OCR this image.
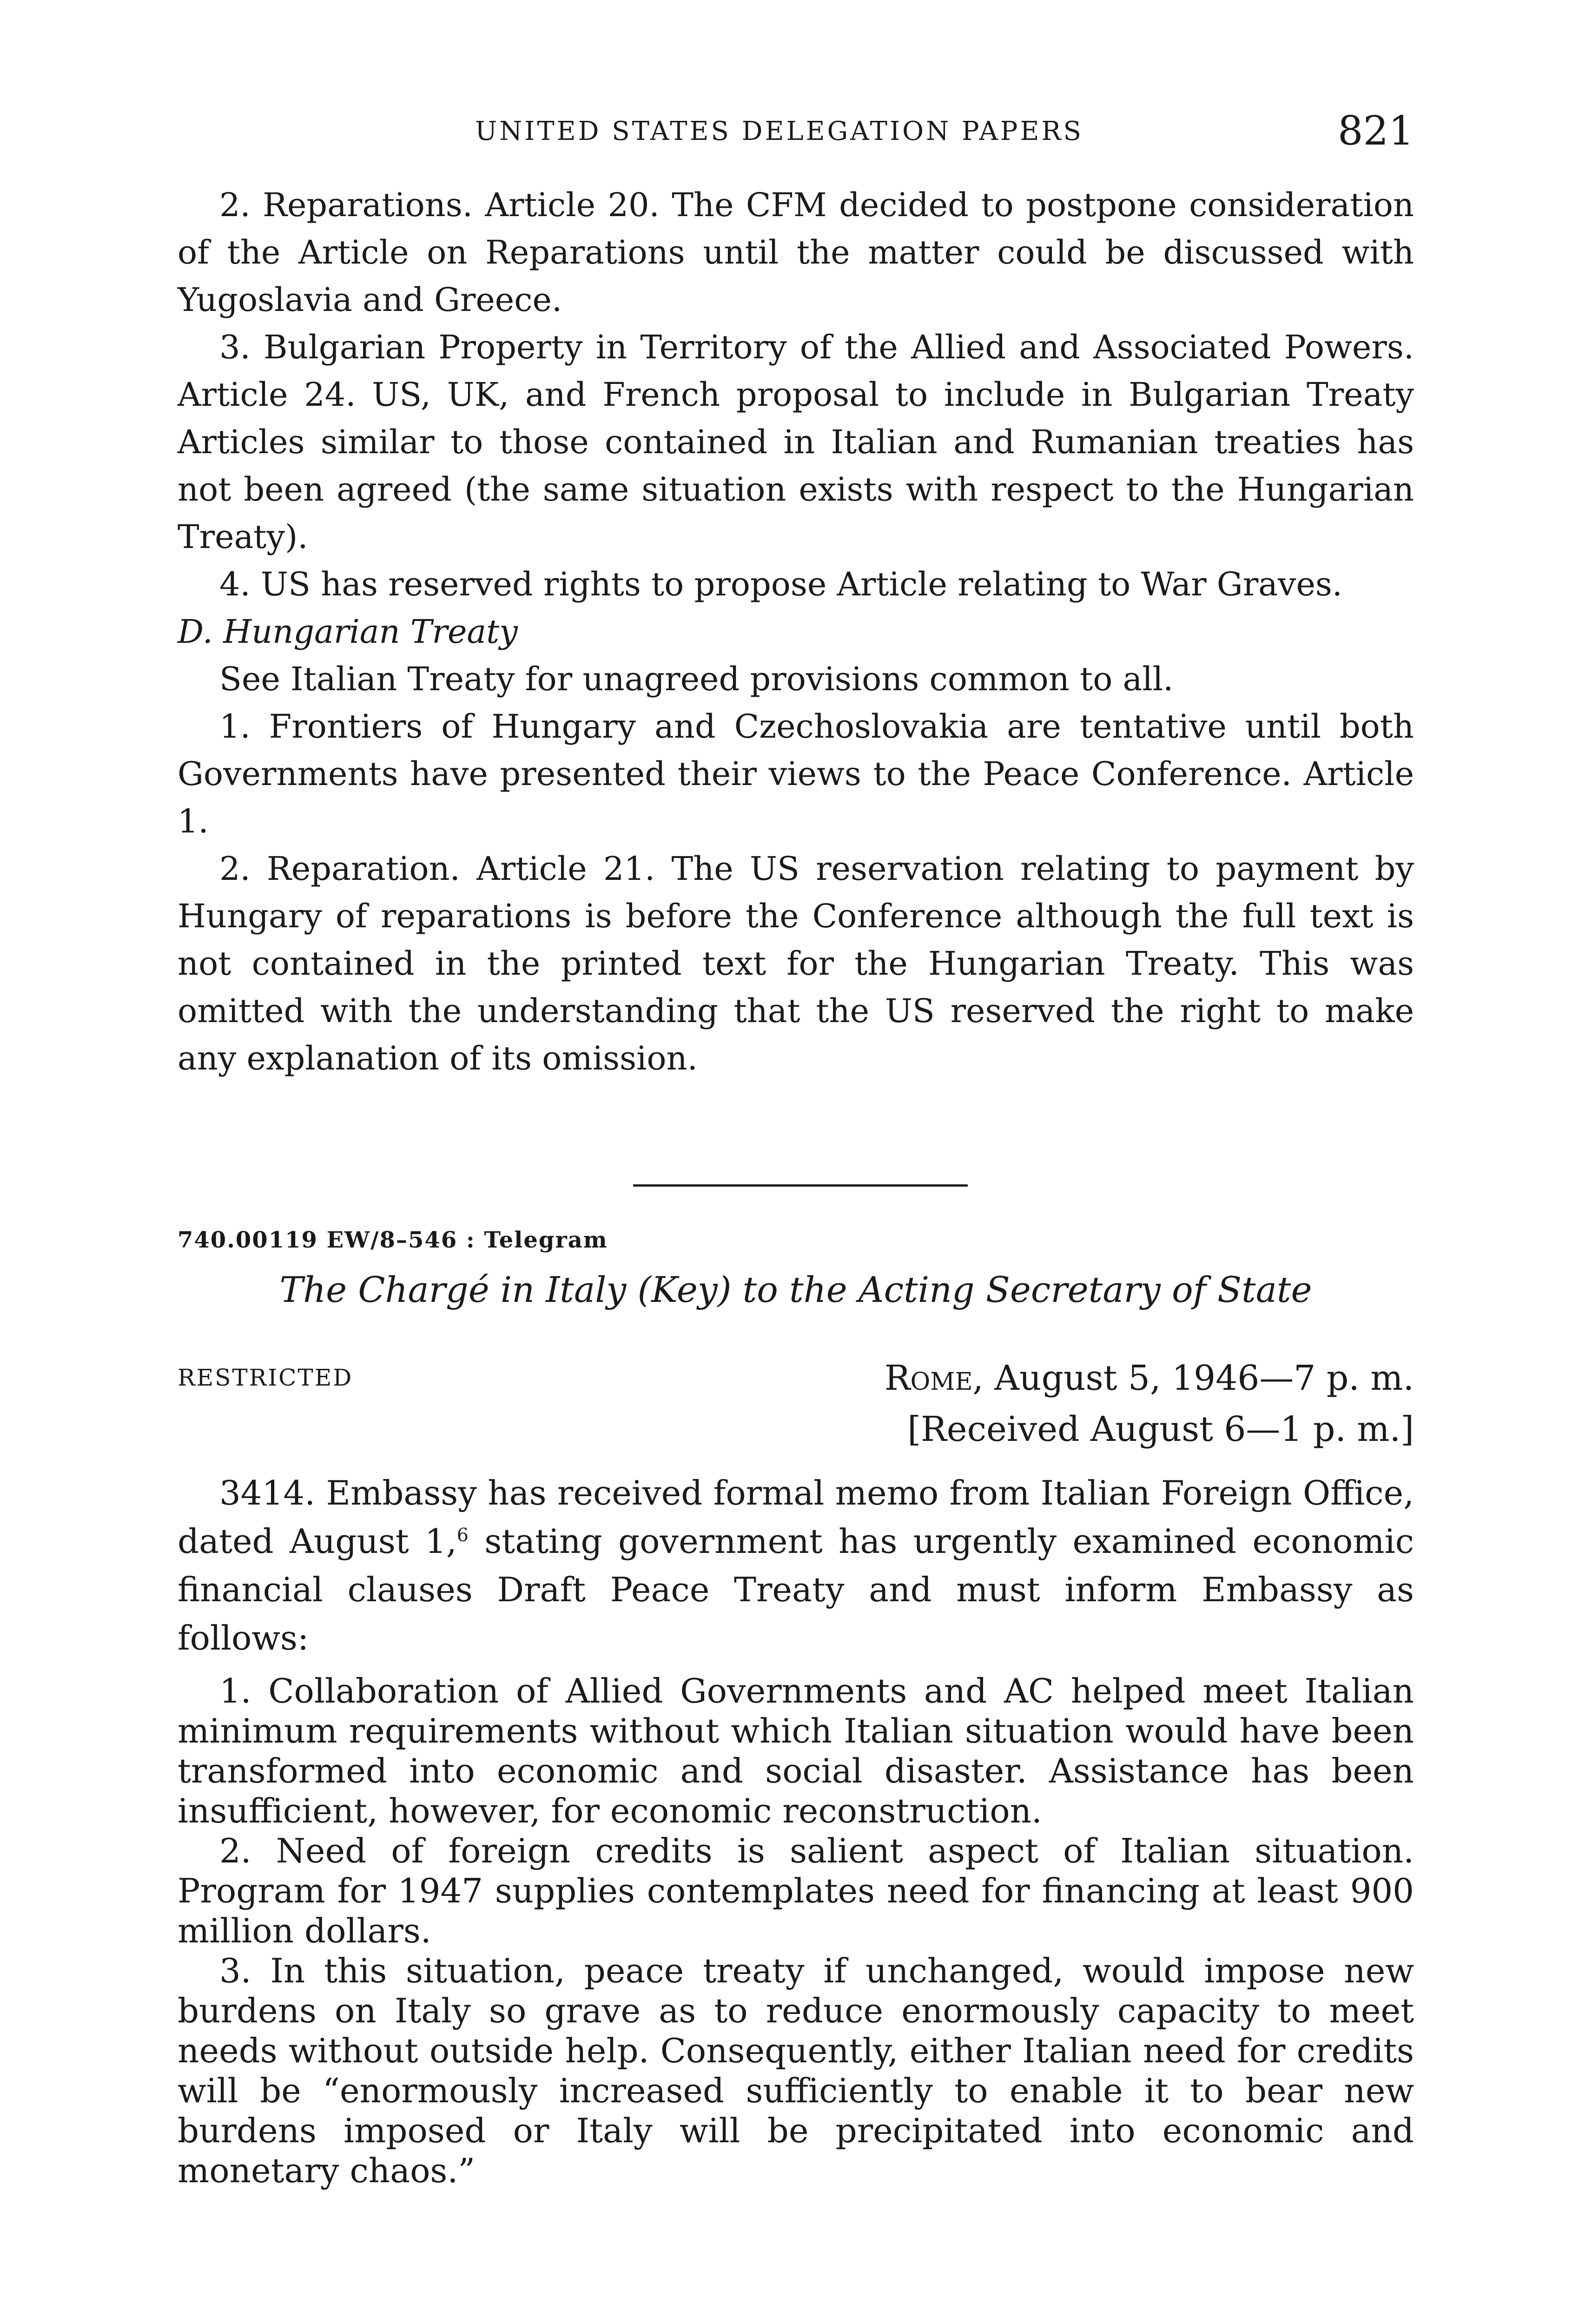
UNITED STATES DELEGATION PAPERS	821

2. Reparations. Article 20. The CFM decided to postpone consideration of the Article on Reparations until the matter could be discussed with Yugoslavia and Greece.

3. Bulgarian Property in Territory of the Allied and Associated Powers. Article 24. US, UK, and French proposal to include in Bulgarian Treaty Articles similar to those contained in Italian and Rumanian treaties has not been agreed (the same situation exists with respect to the Hungarian Treaty).

4. US has reserved rights to propose Article relating to War Graves.

D. Hungarian Treaty

See Italian Treaty for unagreed provisions common to all.

1. Frontiers of Hungary and Czechoslovakia are tentative until both Governments have presented their views to the Peace Conference. Article 1.

2. Reparation. Article 21. The US reservation relating to payment by Hungary of reparations is before the Conference although the full text is not contained in the printed text for the Hungarian Treaty. This was omitted with the understanding that the US reserved the right to make any explanation of its omission.

740.00119 EW/8–546 : Telegram
The Chargé in Italy (Key) to the Acting Secretary of State
RESTRICTED	Rome, August 5, 1946—7 p. m.
[Received August 6—1 p. m.]

3414. Embassy has received formal memo from Italian Foreign Office, dated August 1,$^6$ stating government has urgently examined economic financial clauses Draft Peace Treaty and must inform Embassy as follows:

1. Collaboration of Allied Governments and AC helped meet Italian minimum requirements without which Italian situation would have been transformed into economic and social disaster. Assistance has been insufficient, however, for economic reconstruction.

2. Need of foreign credits is salient aspect of Italian situation. Program for 1947 supplies contemplates need for financing at least 900 million dollars.

3. In this situation, peace treaty if unchanged, would impose new burdens on Italy so grave as to reduce enormously capacity to meet needs without outside help. Consequently, either Italian need for credits will be “enormously increased sufficiently to enable it to bear new burdens imposed or Italy will be precipitated into economic and monetary chaos.”
